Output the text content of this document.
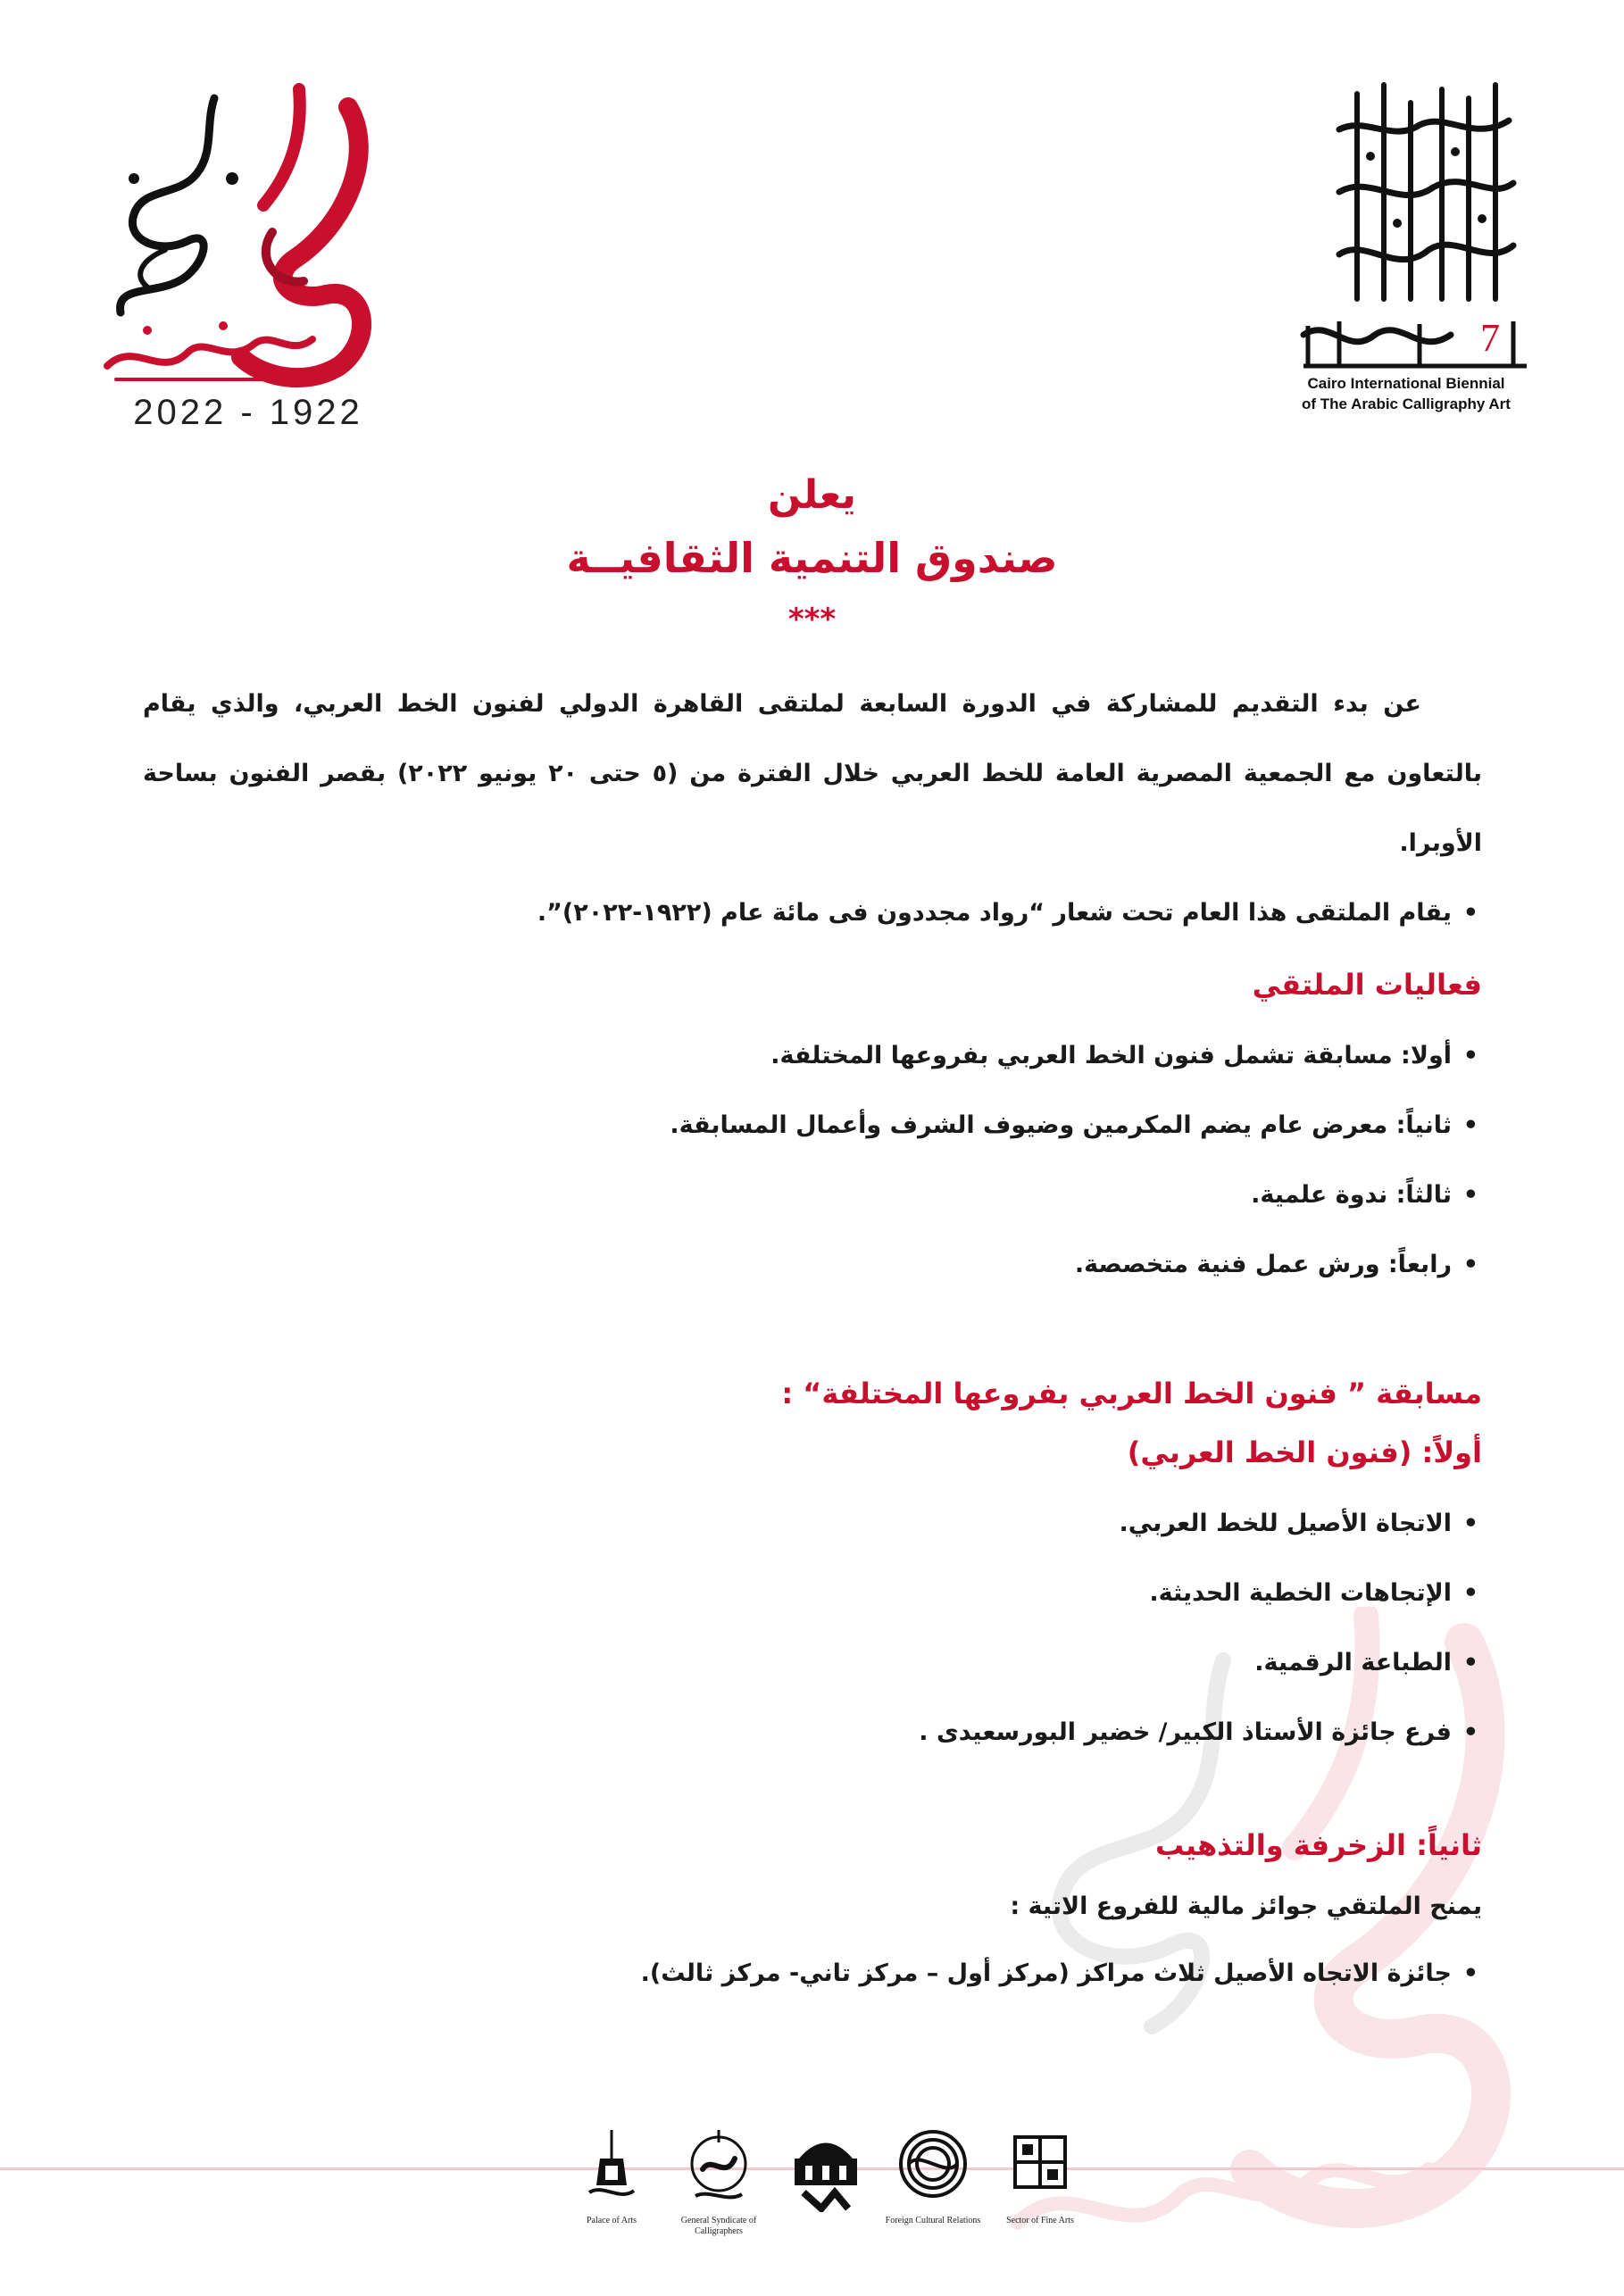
2022 - 1922
7
Cairo International Biennial
of The Arabic Calligraphy Art
يعلن
صندوق التنمية الثقافيــة
***

عن بدء التقديم للمشاركة في الدورة السابعة لملتقى القاهرة الدولي لفنون الخط العربي، والذي يقام بالتعاون مع الجمعية المصرية العامة للخط العربي خلال الفترة من (٥ حتى ٢٠ يونيو ٢٠٢٢) بقصر الفنون بساحة الأوبرا.

• يقام الملتقى هذا العام تحت شعار “رواد مجددون فى مائة عام (١٩٢٢-٢٠٢٢)”.
فعاليات الملتقي
• أولا: مسابقة تشمل فنون الخط العربي بفروعها المختلفة.
• ثانياً: معرض عام يضم المكرمين وضيوف الشرف وأعمال المسابقة.
• ثالثاً: ندوة علمية.
• رابعاً: ورش عمل فنية متخصصة.
مسابقة ” فنون الخط العربي بفروعها المختلفة“ :
أولاً: (فنون الخط العربي)
• الاتجاة الأصيل للخط العربي.
• الإتجاهات الخطية الحديثة.
• الطباعة الرقمية.
• فرع جائزة الأستاذ الكبير/ خضير البورسعيدى .
ثانياً: الزخرفة والتذهيب

يمنح الملتقي جوائز مالية للفروع الاتية :

• جائزة الاتجاه الأصيل ثلاث مراكز (مركز أول – مركز تاني- مركز ثالث).
Palace of Arts	General Syndicate of Calligraphers
Foreign Cultural Relations	Sector of Fine Arts
